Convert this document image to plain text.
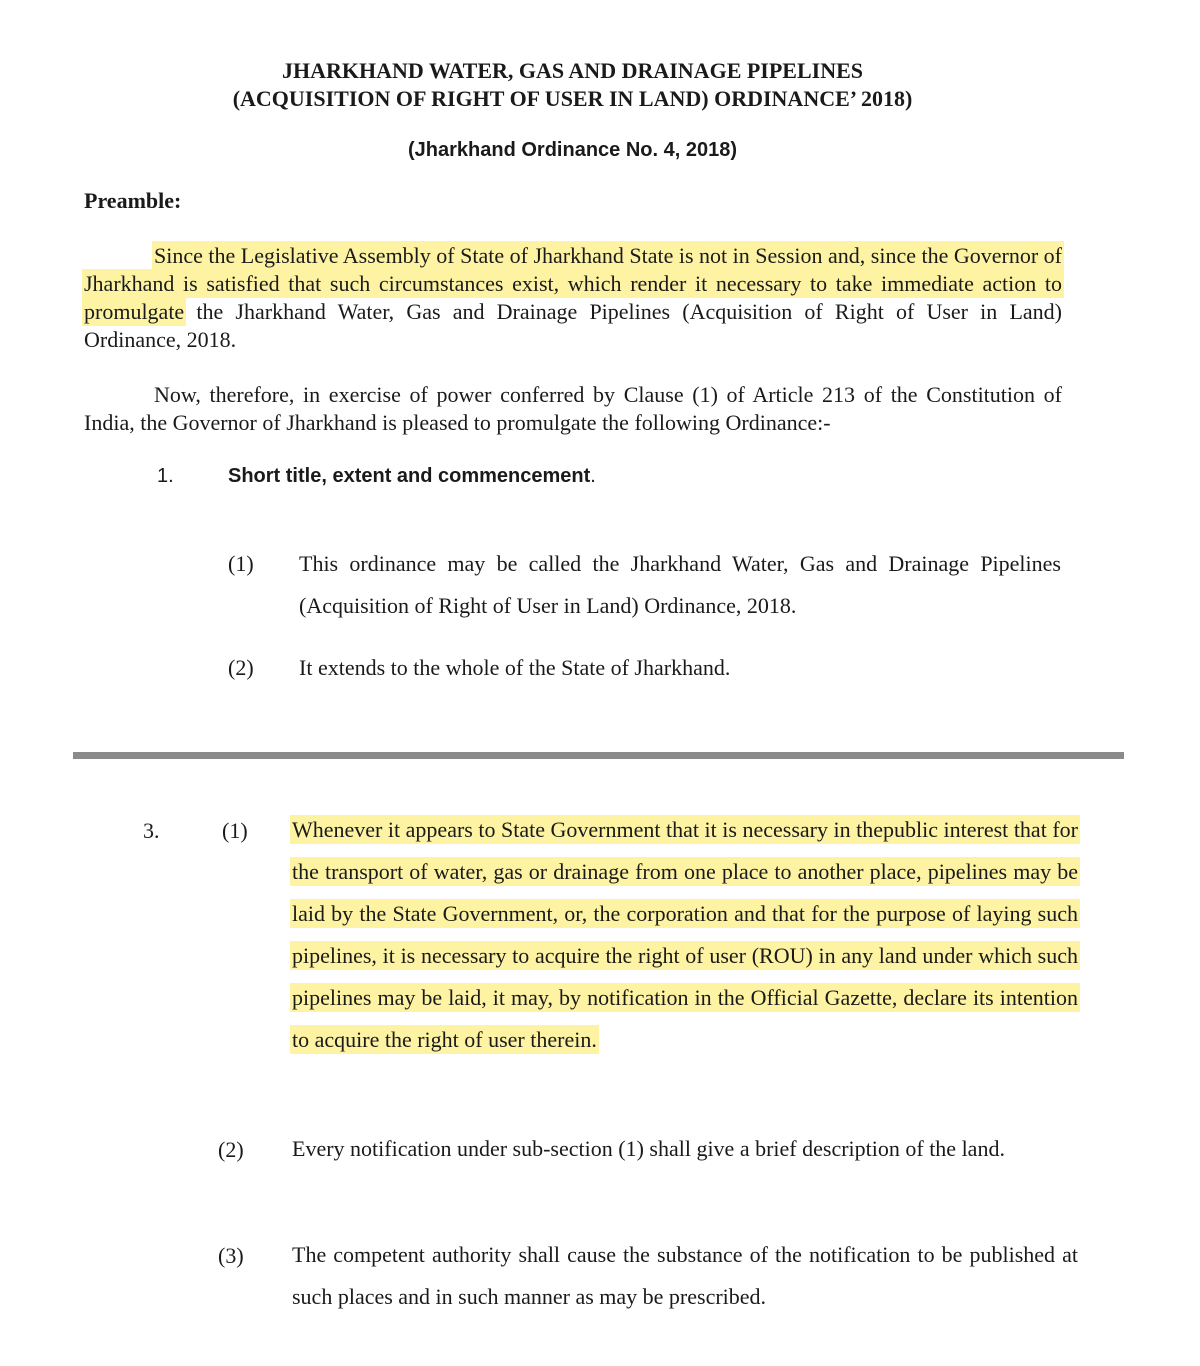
JHARKHAND WATER, GAS AND DRAINAGE PIPELINES
(ACQUISITION OF RIGHT OF USER IN LAND) ORDINANCE’ 2018)
(Jharkhand Ordinance No. 4, 2018)
Preamble:
Since the Legislative Assembly of State of Jharkhand State is not in Session and, since the Governor of Jharkhand is satisfied that such circumstances exist, which render it necessary to take immediate action to promulgate the Jharkhand Water, Gas and Drainage Pipelines (Acquisition of Right of User in Land) Ordinance, 2018.
Now, therefore, in exercise of power conferred by Clause (1) of Article 213 of the Constitution of India, the Governor of Jharkhand is pleased to promulgate the following Ordinance:-
1.	Short title, extent and commencement.
(1) This ordinance may be called the Jharkhand Water, Gas and Drainage Pipelines (Acquisition of Right of User in Land) Ordinance, 2018.
(2) It extends to the whole of the State of Jharkhand.
3.	(1) Whenever it appears to State Government that it is necessary in thepublic interest that for the transport of water, gas or drainage from one place to another place, pipelines may be laid by the State Government, or, the corporation and that for the purpose of laying such pipelines, it is necessary to acquire the right of user (ROU) in any land under which such pipelines may be laid, it may, by notification in the Official Gazette, declare its intention to acquire the right of user therein.
(2) Every notification under sub-section (1) shall give a brief description of the land.
(3) The competent authority shall cause the substance of the notification to be published at such places and in such manner as may be prescribed.
